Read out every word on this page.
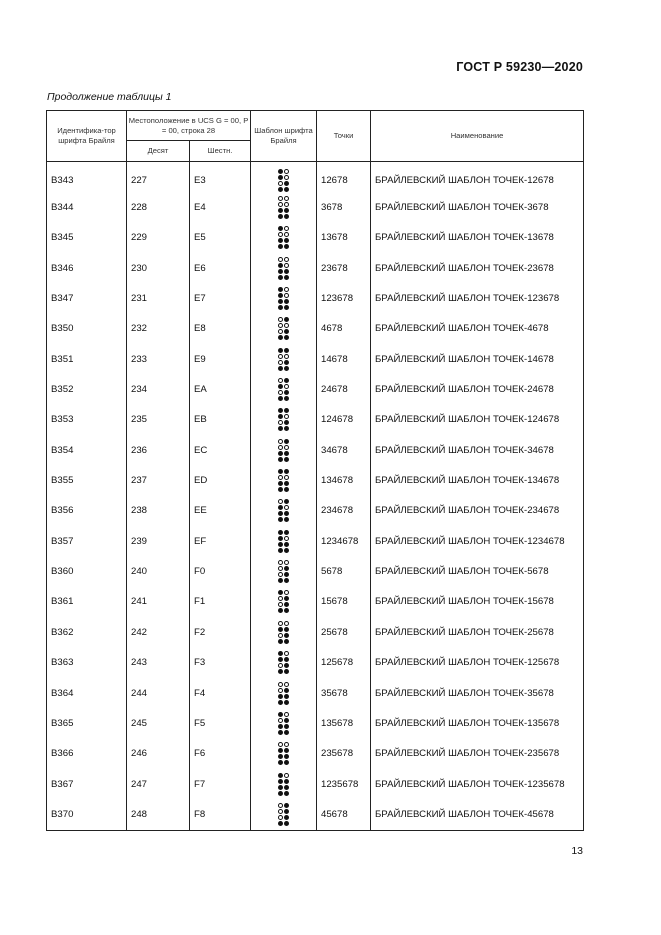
ГОСТ Р 59230—2020
Продолжение таблицы 1
Идентифика-тор шрифта Брайля	Местоположение в UCS G = 00, P = 00, строка 28		Шаблон шрифта Брайля	Точки	Наименование
	Десят	Шестн.			
B343	227	E3		12678	БРАЙЛЕВСКИЙ ШАБЛОН ТОЧЕК-12678
B344	228	E4		3678	БРАЙЛЕВСКИЙ ШАБЛОН ТОЧЕК-3678
B345	229	E5		13678	БРАЙЛЕВСКИЙ ШАБЛОН ТОЧЕК-13678
B346	230	E6		23678	БРАЙЛЕВСКИЙ ШАБЛОН ТОЧЕК-23678
B347	231	E7		123678	БРАЙЛЕВСКИЙ ШАБЛОН ТОЧЕК-123678
B350	232	E8		4678	БРАЙЛЕВСКИЙ ШАБЛОН ТОЧЕК-4678
B351	233	E9		14678	БРАЙЛЕВСКИЙ ШАБЛОН ТОЧЕК-14678
B352	234	EA		24678	БРАЙЛЕВСКИЙ ШАБЛОН ТОЧЕК-24678
B353	235	EB		124678	БРАЙЛЕВСКИЙ ШАБЛОН ТОЧЕК-124678
B354	236	EC		34678	БРАЙЛЕВСКИЙ ШАБЛОН ТОЧЕК-34678
B355	237	ED		134678	БРАЙЛЕВСКИЙ ШАБЛОН ТОЧЕК-134678
B356	238	EE		234678	БРАЙЛЕВСКИЙ ШАБЛОН ТОЧЕК-234678
B357	239	EF		1234678	БРАЙЛЕВСКИЙ ШАБЛОН ТОЧЕК-1234678
B360	240	F0		5678	БРАЙЛЕВСКИЙ ШАБЛОН ТОЧЕК-5678
B361	241	F1		15678	БРАЙЛЕВСКИЙ ШАБЛОН ТОЧЕК-15678
B362	242	F2		25678	БРАЙЛЕВСКИЙ ШАБЛОН ТОЧЕК-25678
B363	243	F3		125678	БРАЙЛЕВСКИЙ ШАБЛОН ТОЧЕК-125678
B364	244	F4		35678	БРАЙЛЕВСКИЙ ШАБЛОН ТОЧЕК-35678
B365	245	F5		135678	БРАЙЛЕВСКИЙ ШАБЛОН ТОЧЕК-135678
B366	246	F6		235678	БРАЙЛЕВСКИЙ ШАБЛОН ТОЧЕК-235678
B367	247	F7		1235678	БРАЙЛЕВСКИЙ ШАБЛОН ТОЧЕК-1235678
B370	248	F8		45678	БРАЙЛЕВСКИЙ ШАБЛОН ТОЧЕК-45678
13
